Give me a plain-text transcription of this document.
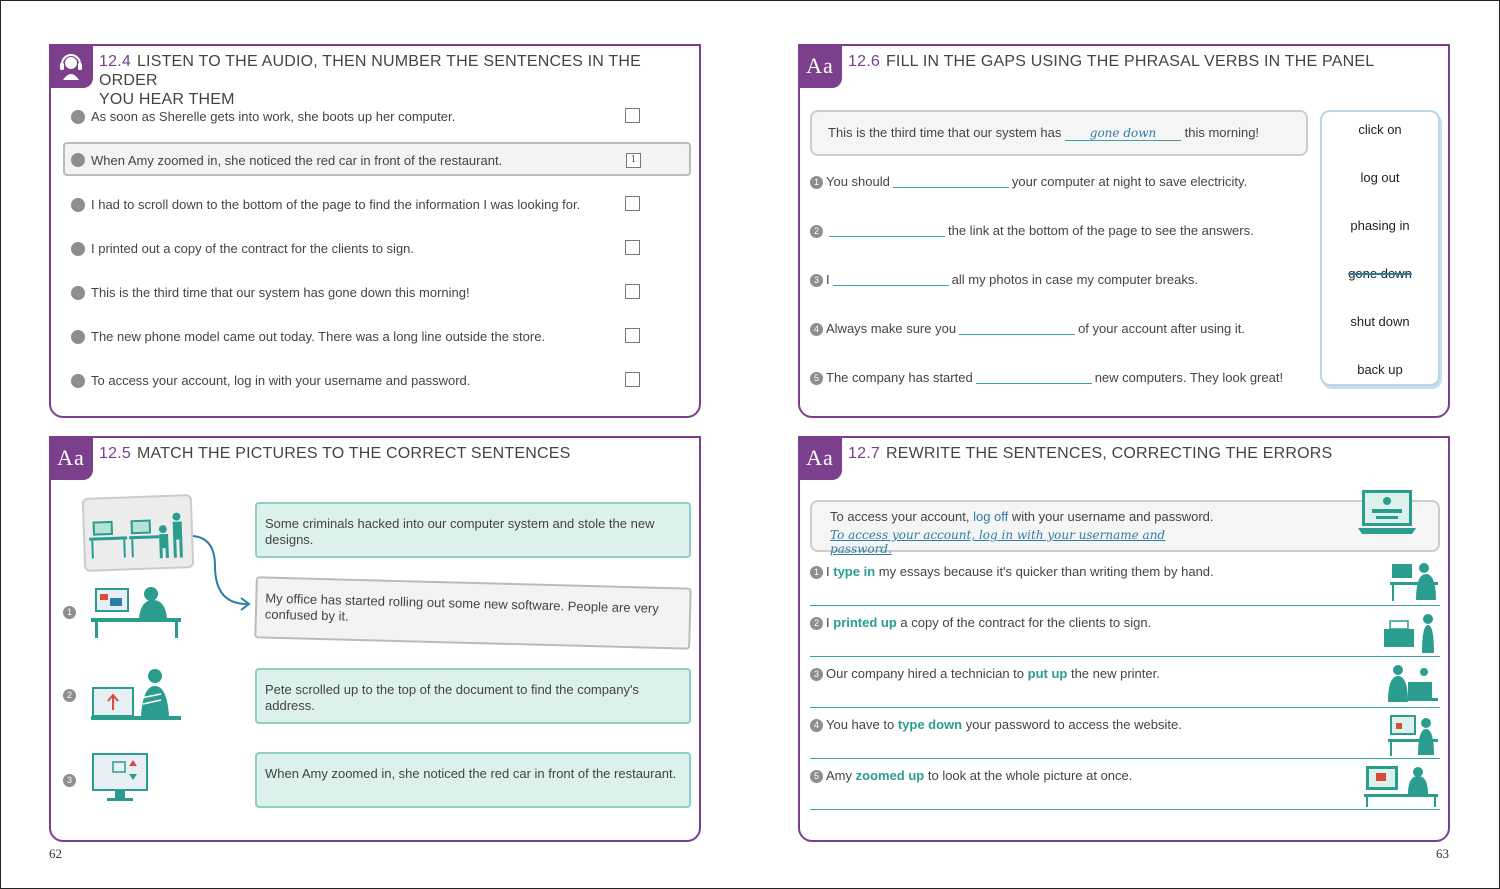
12.4 LISTEN TO THE AUDIO, THEN NUMBER THE SENTENCES IN THE ORDER
YOU HEAR THEM
As soon as Sherelle gets into work, she boots up her computer.
When Amy zoomed in, she noticed the red car in front of the restaurant.	1
I had to scroll down to the bottom of the page to find the information I was looking for.
I printed out a copy of the contract for the clients to sign.
This is the third time that our system has gone down this morning!
The new phone model came out today. There was a long line outside the store.
To access your account, log in with your username and password.
Aa 12.6 FILL IN THE GAPS USING THE PHRASAL VERBS IN THE PANEL
This is the third time that our system has gone down this morning!
1 You should	your computer at night to save electricity.
2	the link at the bottom of the page to see the answers.
3 I	all my photos in case my computer breaks.
4 Always make sure you	of your account after using it.
5 The company has started	new computers. They look great!
click on
log out
phasing in
gone down
shut down
back up
Aa 12.5 MATCH THE PICTURES TO THE CORRECT SENTENCES
1
2
3
Some criminals hacked into our computer system and stole the new designs.
My office has started rolling out some new software. People are very confused by it.
Pete scrolled up to the top of the document to find the company's address.
When Amy zoomed in, she noticed the red car in front of the restaurant.
Aa 12.7 REWRITE THE SENTENCES, CORRECTING THE ERRORS
To access your account, log off with your username and password.
To access your account, log in with your username and password.
1 I type in my essays because it's quicker than writing them by hand.
2 I printed up a copy of the contract for the clients to sign.
3 Our company hired a technician to put up the new printer.
4 You have to type down your password to access the website.
5 Amy zoomed up to look at the whole picture at once.
62	63
